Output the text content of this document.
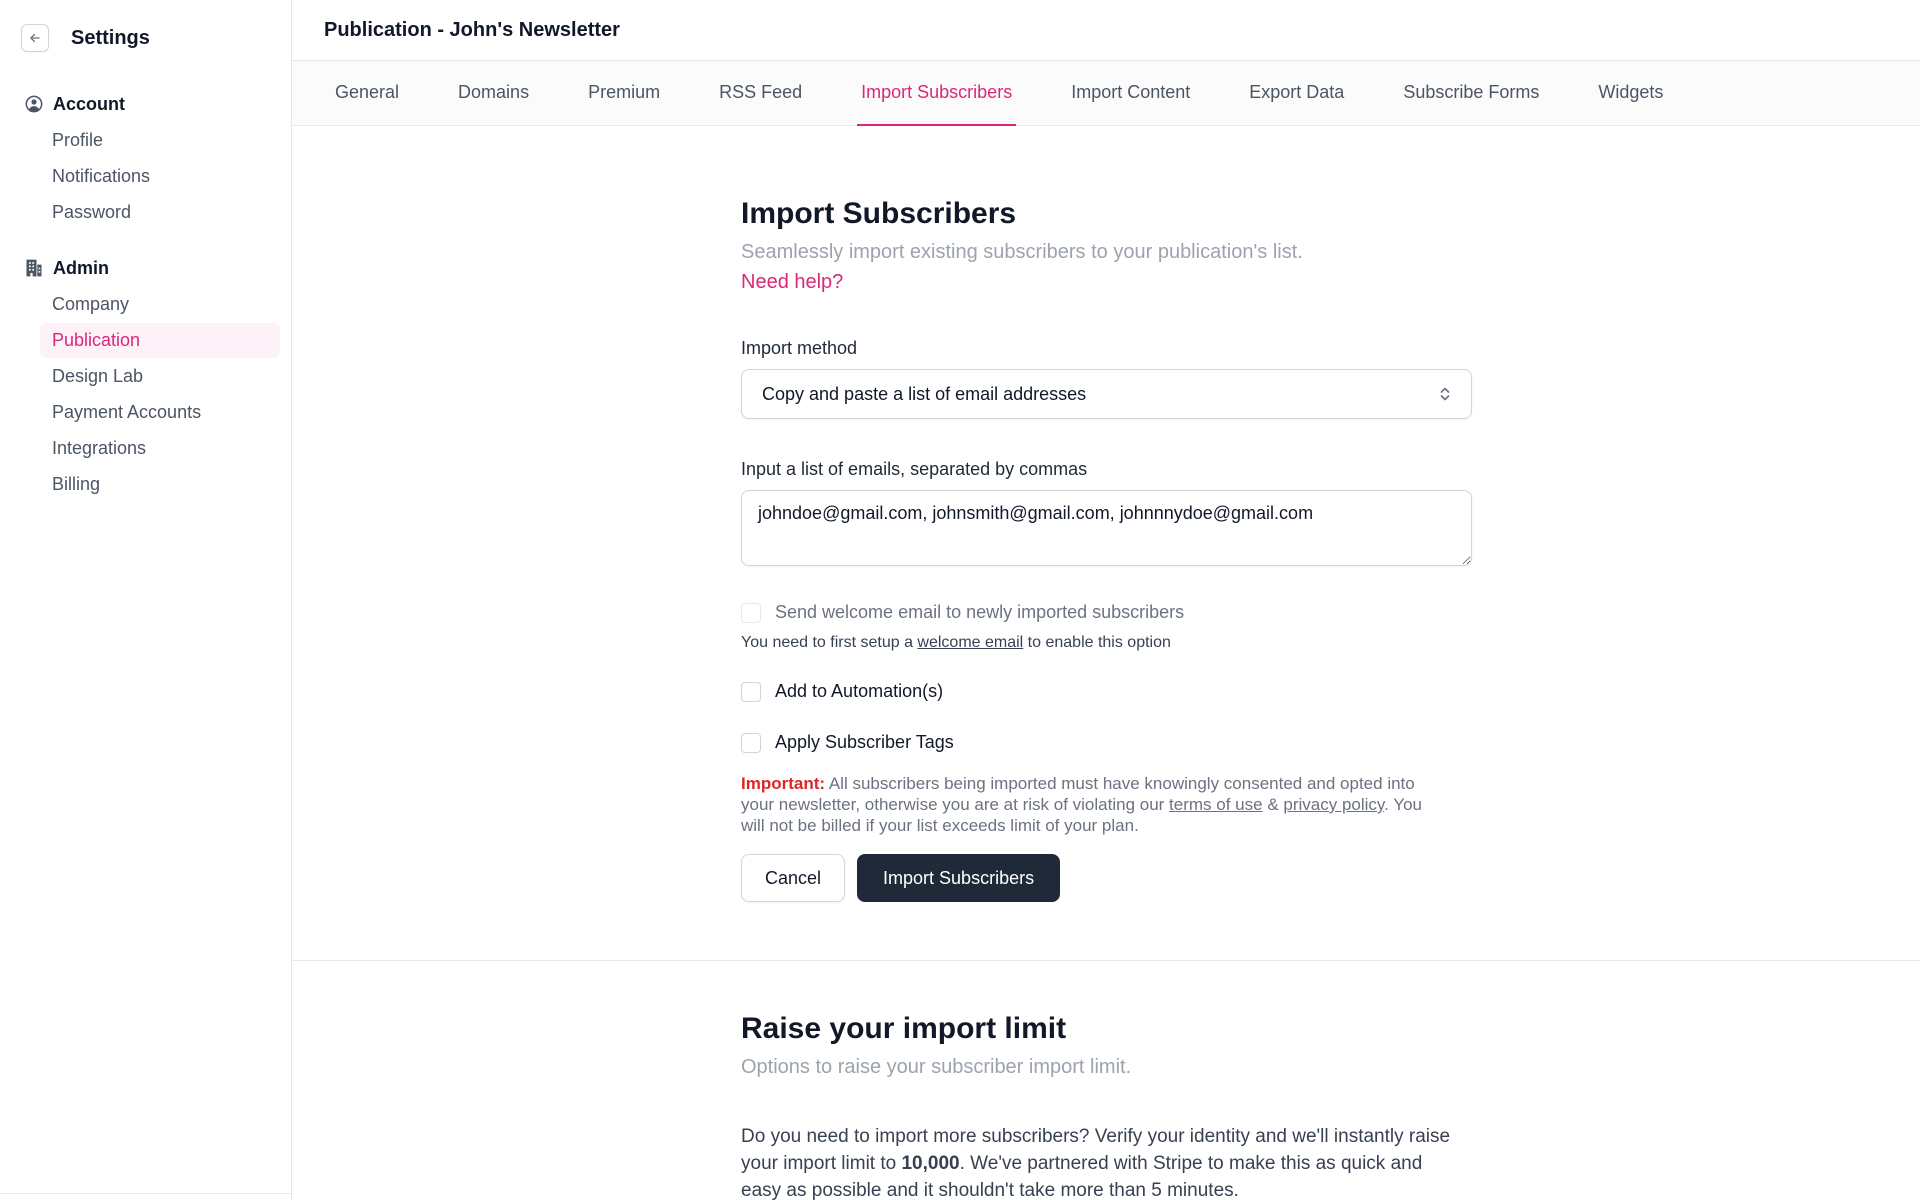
Settings
Account
Profile
Notifications
Password
Admin
Company
Publication
Design Lab
Payment Accounts
Integrations
Billing
Publication - John's Newsletter
General	Domains	Premium	RSS Feed	Import Subscribers	Import Content	Export Data	Subscribe Forms	Widgets
Import Subscribers

Seamlessly import existing subscribers to your publication's list.

Need help?
Import method
Copy and paste a list of email addresses
Input a list of emails, separated by commas
johndoe@gmail.com, johnsmith@gmail.com, johnnnydoe@gmail.com
Send welcome email to newly imported subscribers

You need to first setup a welcome email to enable this option

Add to Automation(s)
Apply Subscriber Tags

Important: All subscribers being imported must have knowingly consented and opted into your newsletter, otherwise you are at risk of violating our terms of use & privacy policy. You will not be billed if your list exceeds limit of your plan.

Cancel	Import Subscribers
Raise your import limit

Options to raise your subscriber import limit.

Do you need to import more subscribers? Verify your identity and we'll instantly raise your import limit to 10,000. We've partnered with Stripe to make this as quick and easy as possible and it shouldn't take more than 5 minutes.
